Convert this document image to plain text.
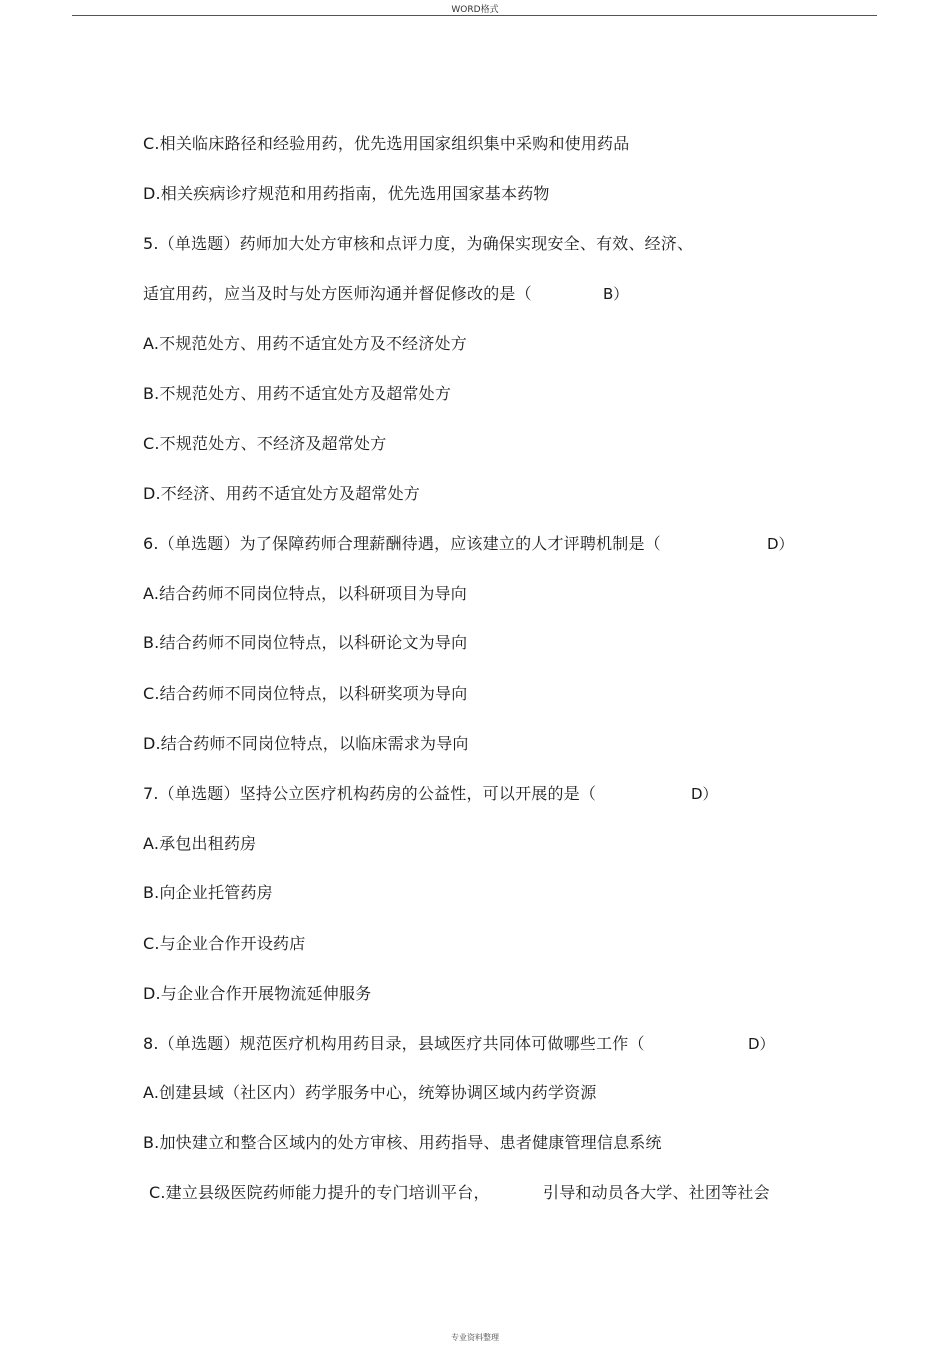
WORD格式
C.相关临床路径和经验用药，优先选用国家组织集中采购和使用药品
D.相关疾病诊疗规范和用药指南，优先选用国家基本药物
5.（单选题）药师加大处方审核和点评力度，为确保实现安全、有效、经济、
适宜用药，应当及时与处方医师沟通并督促修改的是（	B）
A.不规范处方、用药不适宜处方及不经济处方
B.不规范处方、用药不适宜处方及超常处方
C.不规范处方、不经济及超常处方
D.不经济、用药不适宜处方及超常处方
6.（单选题）为了保障药师合理薪酬待遇，应该建立的人才评聘机制是（	D）
A.结合药师不同岗位特点，以科研项目为导向
B.结合药师不同岗位特点，以科研论文为导向
C.结合药师不同岗位特点，以科研奖项为导向
D.结合药师不同岗位特点，以临床需求为导向
7.（单选题）坚持公立医疗机构药房的公益性，可以开展的是（	D）
A.承包出租药房
B.向企业托管药房
C.与企业合作开设药店
D.与企业合作开展物流延伸服务
8.（单选题）规范医疗机构用药目录，县域医疗共同体可做哪些工作（	D）
A.创建县域（社区内）药学服务中心，统筹协调区域内药学资源
B.加快建立和整合区域内的处方审核、用药指导、患者健康管理信息系统
C.建立县级医院药师能力提升的专门培训平台，	引导和动员各大学、社团等社会
专业资料整理
